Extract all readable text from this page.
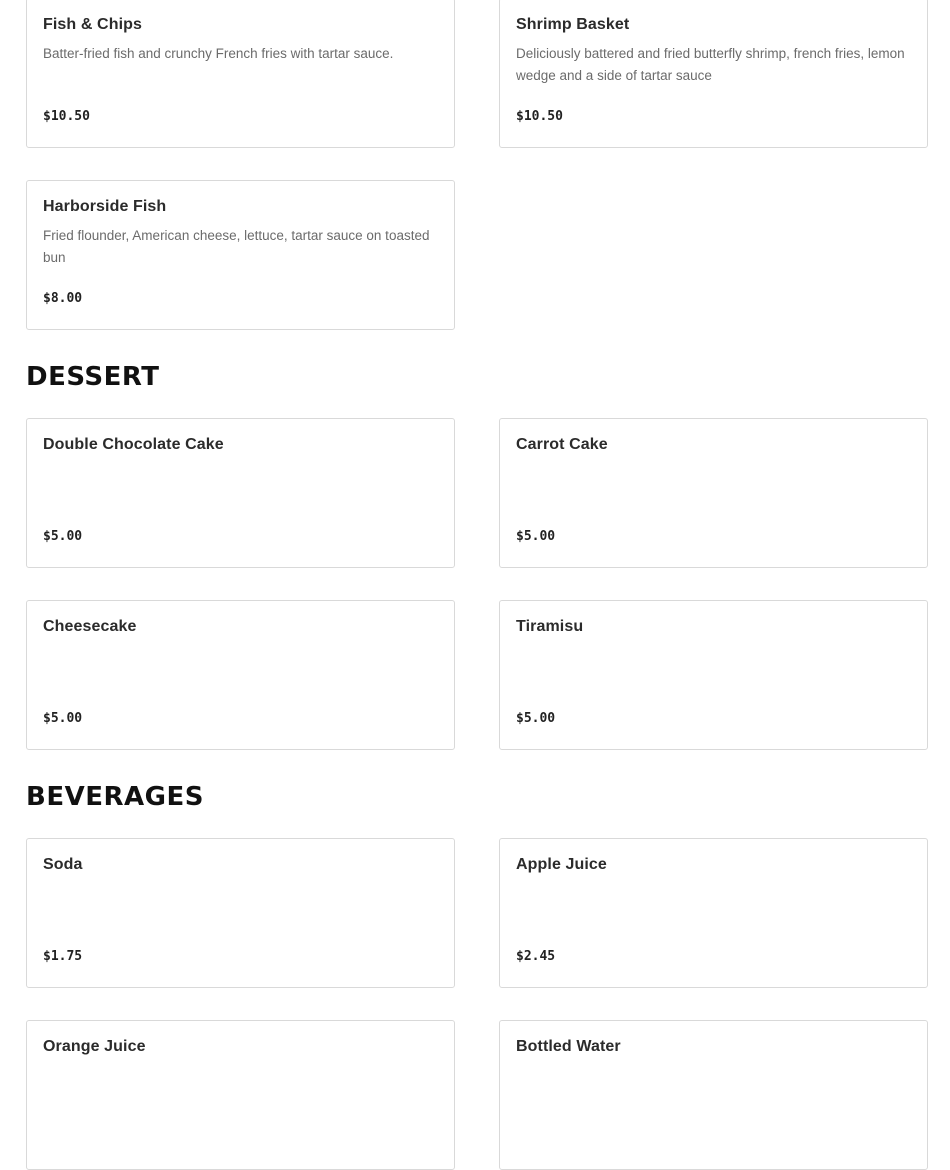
Fish & Chips
Batter-fried fish and crunchy French fries with tartar sauce.
$10.50
Shrimp Basket
Deliciously battered and fried butterfly shrimp, french fries, lemon wedge and a side of tartar sauce
$10.50
Harborside Fish
Fried flounder, American cheese, lettuce, tartar sauce on toasted bun
$8.00
DESSERT
Double Chocolate Cake
$5.00
Carrot Cake
$5.00
Cheesecake
$5.00
Tiramisu
$5.00
BEVERAGES
Soda
$1.75
Apple Juice
$2.45
Orange Juice	Bottled Water
